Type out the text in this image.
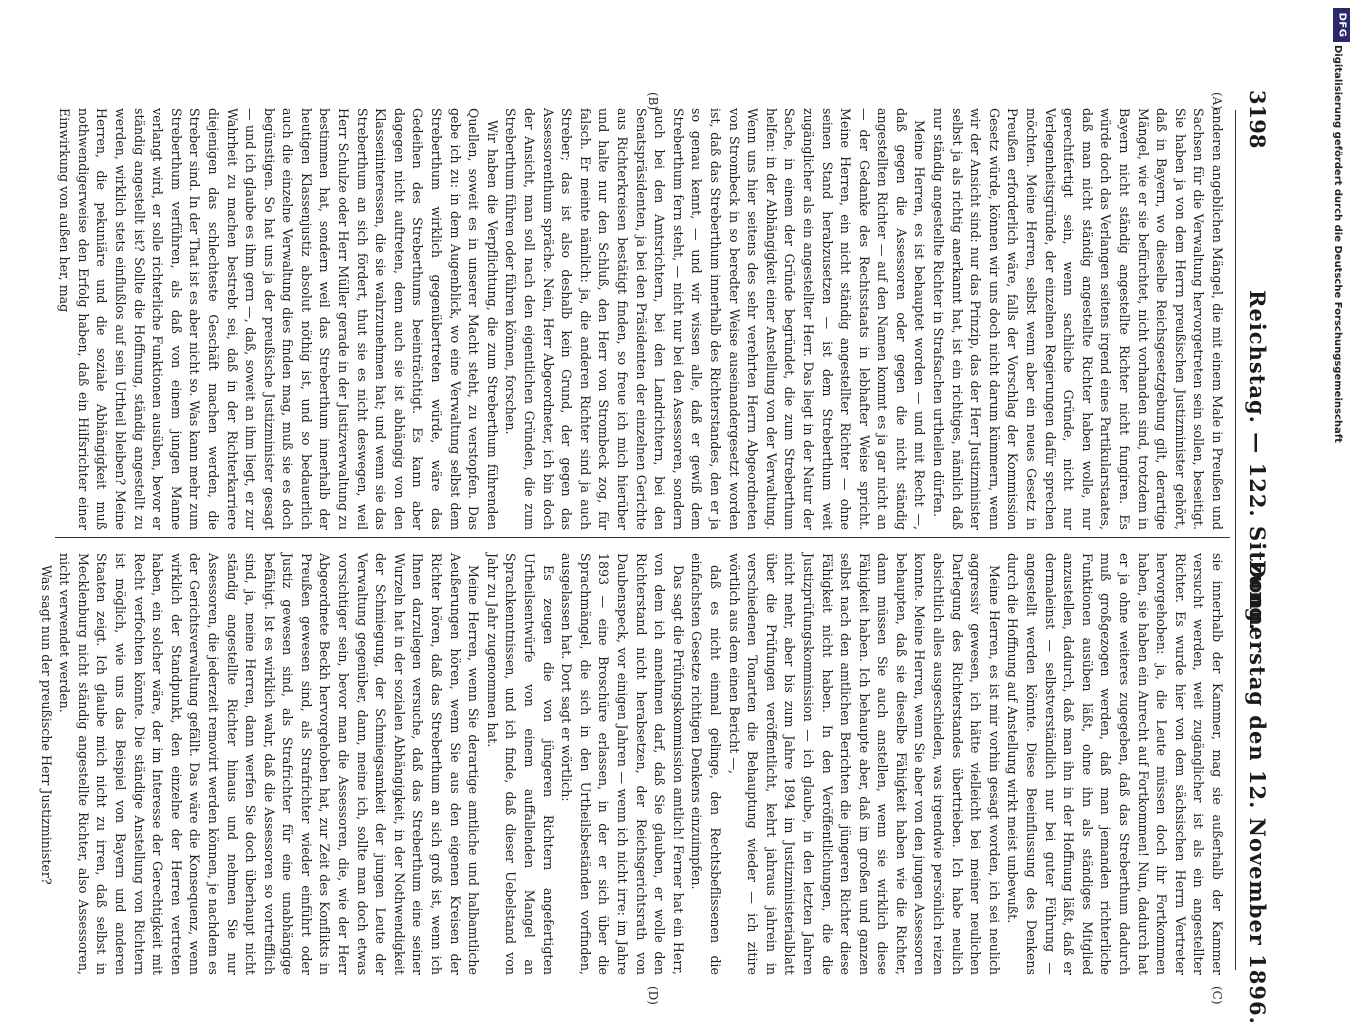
3198
Reichstag. — 122. Sitzung.
Donnerstag den 12. November 1896.
(A)
(B)
(C)
(D)

anderen angeblichen Mängel, die mit einem Male in Preußen und Sachsen für die Verwaltung hervorgetreten sein sollen, beseitigt. Sie haben ja von dem Herrn preußischen Justizminister gehört, daß in Bayern, wo dieselbe Reichsgesetzgebung gilt, derartige Mängel, wie er sie befürchtet, nicht vorhanden sind, trotzdem in Bayern nicht ständig angestellte Richter nicht fungiren. Es würde doch das Verlangen seitens irgend eines Partikularstaates, daß man nicht ständig angestellte Richter haben wolle, nur gerechtfertigt sein, wenn sachliche Gründe, nicht nur Verlegenheitsgründe, der einzelnen Regierungen dafür sprechen möchten. Meine Herren, selbst wenn aber ein neues Gesetz in Preußen erforderlich wäre, falls der Vorschlag der Kommission Gesetz würde, können wir uns doch nicht darum kümmern, wenn wir der Ansicht sind: nur das Prinzip, das der Herr Justizminister selbst ja als richtig anerkannt hat, ist ein richtiges, nämlich daß nur ständig angestellte Richter in Strafsachen urtheilen dürfen.

Meine Herren, es ist behauptet worden — und mit Recht —, daß gegen die Assessoren oder gegen die nicht ständig angestellten Richter — auf den Namen kommt es ja gar nicht an — der Gedanke des Rechtsstaats in lebhafter Weise spricht. Meine Herren, ein nicht ständig angestellter Richter — ohne seinen Stand herabzusetzen — ist dem Streberthum weit zugänglicher als ein angestellter Herr. Das liegt in der Natur der Sache, in einem der Gründe begründet, die zum Streberthum helfen: in der Abhängigkeit einer Anstellung von der Verwaltung. Wenn uns hier seitens des sehr verehrten Herrn Abgeordneten von Strombeck in so beredter Weise auseinandergesetzt worden ist, daß das Streberthum innerhalb des Richterstandes, den er ja so genau kennt, — und wir wissen alle, daß er gewiß dem Streberthum fern steht, — nicht nur bei den Assessoren, sondern auch bei den Amtsrichtern, bei den Landrichtern, bei den Senatspräsidenten, ja bei den Präsidenten der einzelnen Gerichte aus Richterkreisen bestätigt finden, so freue ich mich hierüber und halte nur den Schluß, den Herr von Strombeck zog, für falsch. Er meinte nämlich: ja, die anderen Richter sind ja auch Streber; das ist also deshalb kein Grund, der gegen das Assessorenthum spräche. Nein, Herr Abgeordneter, ich bin doch der Ansicht, man soll nach den eigentlichen Gründen, die zum Streberthum führen oder führen können, forschen.

Wir haben die Verpflichtung, die zum Streberthum führenden Quellen, soweit es in unserer Macht steht, zu verstopfen. Das gebe ich zu: in dem Augenblick, wo eine Verwaltung selbst dem Streberthum wirklich gegenübertreten würde, wäre das Gedeihen des Streberthums beeinträchtigt. Es kann aber dagegen nicht auftreten, denn auch sie ist abhängig von den Klasseninteressen, die sie wahrzunehmen hat; und wenn sie das Streberthum an sich fördert, thut sie es nicht deswegen, weil Herr Schulze oder Herr Müller gerade in der Justizverwaltung zu bestimmen hat, sondern weil das Streberthum innerhalb der heutigen Klassenjustiz absolut nöthig ist, und so bedauerlich auch die einzelne Verwaltung dies finden mag, muß sie es doch begünstigen. So hat uns ja der preußische Justizminister gesagt — und ich glaube es ihm gern —, daß, soweit an ihm liegt, er zur Wahrheit zu machen bestrebt sei, daß in der Richterkarriere diejenigen das schlechteste Geschäft machen werden, die Streber sind. In der That ist es aber nicht so. Was kann mehr zum Streberthum verführen, als daß von einem jungen Manne verlangt wird, er solle richterliche Funktionen ausüben, bevor er ständig angestellt ist? Sollte die Hoffnung, ständig angestellt zu werden, wirklich stets einflußlos auf sein Urtheil bleiben? Meine Herren, die pekuniäre und die soziale Abhängigkeit muß nothwendigerweise den Erfolg haben, daß ein Hilfsrichter einer Einwirkung von außen her, mag

sie innerhalb der Kammer, mag sie außerhalb der Kammer versucht werden, weit zugänglicher ist als ein angestellter Richter. Es wurde hier von dem sächsischen Herrn Vertreter hervorgehoben: ja, die Leute müssen doch ihr Fortkommen haben, sie haben ein Anrecht auf Fortkommen! Nun, dadurch hat er ja ohne weiteres zugegeben, daß das Streberthum dadurch muß großgezogen werden, daß man jemanden richterliche Funktionen ausüben läßt, ohne ihn als ständiges Mitglied anzustellen, dadurch, daß man ihn in der Hoffnung läßt, daß er dermaleinst — selbstverständlich nur bei guter Führung — angestellt werden könnte. Diese Beeinflussung des Denkens durch die Hoffnung auf Anstellung wirkt meist unbewußt.

Meine Herren, es ist mir vorhin gesagt worden, ich sei neulich aggressiv gewesen, ich hätte vielleicht bei meiner neulichen Darlegung des Richterstandes übertrieben. Ich habe neulich absichtlich alles ausgeschieden, was irgendwie persönlich reizen konnte. Meine Herren, wenn Sie aber von den jungen Assessoren behaupten, daß sie dieselbe Fähigkeit haben wie die Richter, dann müssen Sie auch anstellen, wenn sie wirklich diese Fähigkeit haben. Ich behaupte aber, daß im großen und ganzen selbst nach den amtlichen Berichten die jüngeren Richter diese Fähigkeit nicht haben. In den Veröffentlichungen, die die Justizprüfungskommission — ich glaube, in den letzten Jahren nicht mehr, aber bis zum Jahre 1894 im Justizministerialblatt über die Prüfungen veröffentlicht, kehrt jahraus jahrein in verschiedenen Tonarten die Behauptung wieder — ich zitire wörtlich aus dem einen Bericht —,

daß es nicht einmal gelinge, den Rechtsbeflissenen die einfachsten Gesetze richtigen Denkens einzuimpfen.

Das sagt die Prüfungskommission amtlich! Ferner hat ein Herr, von dem ich annehmen darf, daß Sie glauben, er wolle den Richterstand nicht herabsetzen, der Reichsgerichtsrath von Daubenspeck, vor einigen Jahren — wenn ich nicht irre: im Jahre 1893 — eine Broschüre erlassen, in der er sich über die Sprachmängel, die sich in den Urtheilsbeständen vorfinden, ausgelassen hat. Dort sagt er wörtlich:

Es zeugen die von jüngeren Richtern angefertigten Urtheilsentwürfe von einem auffallenden Mangel an Sprachkenntnissen, und ich finde, daß dieser Uebelstand von Jahr zu Jahr zugenommen hat.

Meine Herren, wenn Sie derartige amtliche und halbamtliche Aeußerungen hören, wenn Sie aus den eigenen Kreisen der Richter hören, daß das Streberthum an sich groß ist, wenn ich Ihnen darzulegen versuche, daß das Streberthum eine seiner Wurzeln hat in der sozialen Abhängigkeit, in der Nothwendigkeit der Schmiegung, der Schmiegsamkeit der jungen Leute der Verwaltung gegenüber, dann, meine ich, sollte man doch etwas vorsichtiger sein, bevor man die Assessoren, die, wie der Herr Abgeordnete Beckh hervorgehoben hat, zur Zeit des Konflikts in Preußen gewesen sind, als Strafrichter wieder einführt oder Justiz gewesen sind, als Strafrichter für eine unabhängige befähigt. Ist es wirklich wahr, daß die Assessoren so vortrefflich sind, ja, meine Herren, dann werfen Sie doch überhaupt nicht ständig angestellte Richter hinaus und nehmen Sie nur Assessoren, die jederzeit removirt werden können, je nachdem es der Gerichtsverwaltung gefällt. Das wäre die Konsequenz, wenn wirklich der Standpunkt, den einzelne der Herren vertreten haben, ein solcher wäre, der im Interesse der Gerechtigkeit mit Recht verfochten könnte. Die ständige Anstellung von Richtern ist möglich, wie uns das Beispiel von Bayern und anderen Staaten zeigt. Ich glaube mich nicht zu irren, daß selbst in Mecklenburg nicht ständig angestellte Richter, also Assessoren, nicht verwendet werden.

Was sagt nun der preußische Herr Justizminister?

DFG
Digitalisierung gefördert durch die Deutsche Forschungsgemeinschaft
